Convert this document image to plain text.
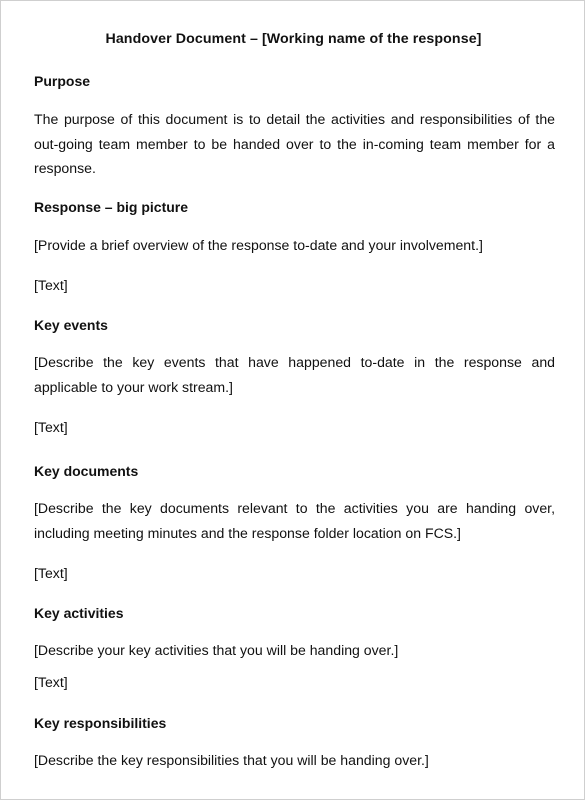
Handover Document – [Working name of the response]
Purpose

The purpose of this document is to detail the activities and responsibilities of the out-going team member to be handed over to the in-coming team member for a response.

Response – big picture
[Provide a brief overview of the response to-date and your involvement.]
[Text]
Key events

[Describe the key events that have happened to-date in the response and applicable to your work stream.]

[Text]
Key documents

[Describe the key documents relevant to the activities you are handing over, including meeting minutes and the response folder location on FCS.]

[Text]
Key activities
[Describe your key activities that you will be handing over.]
[Text]
Key responsibilities
[Describe the key responsibilities that you will be handing over.]
